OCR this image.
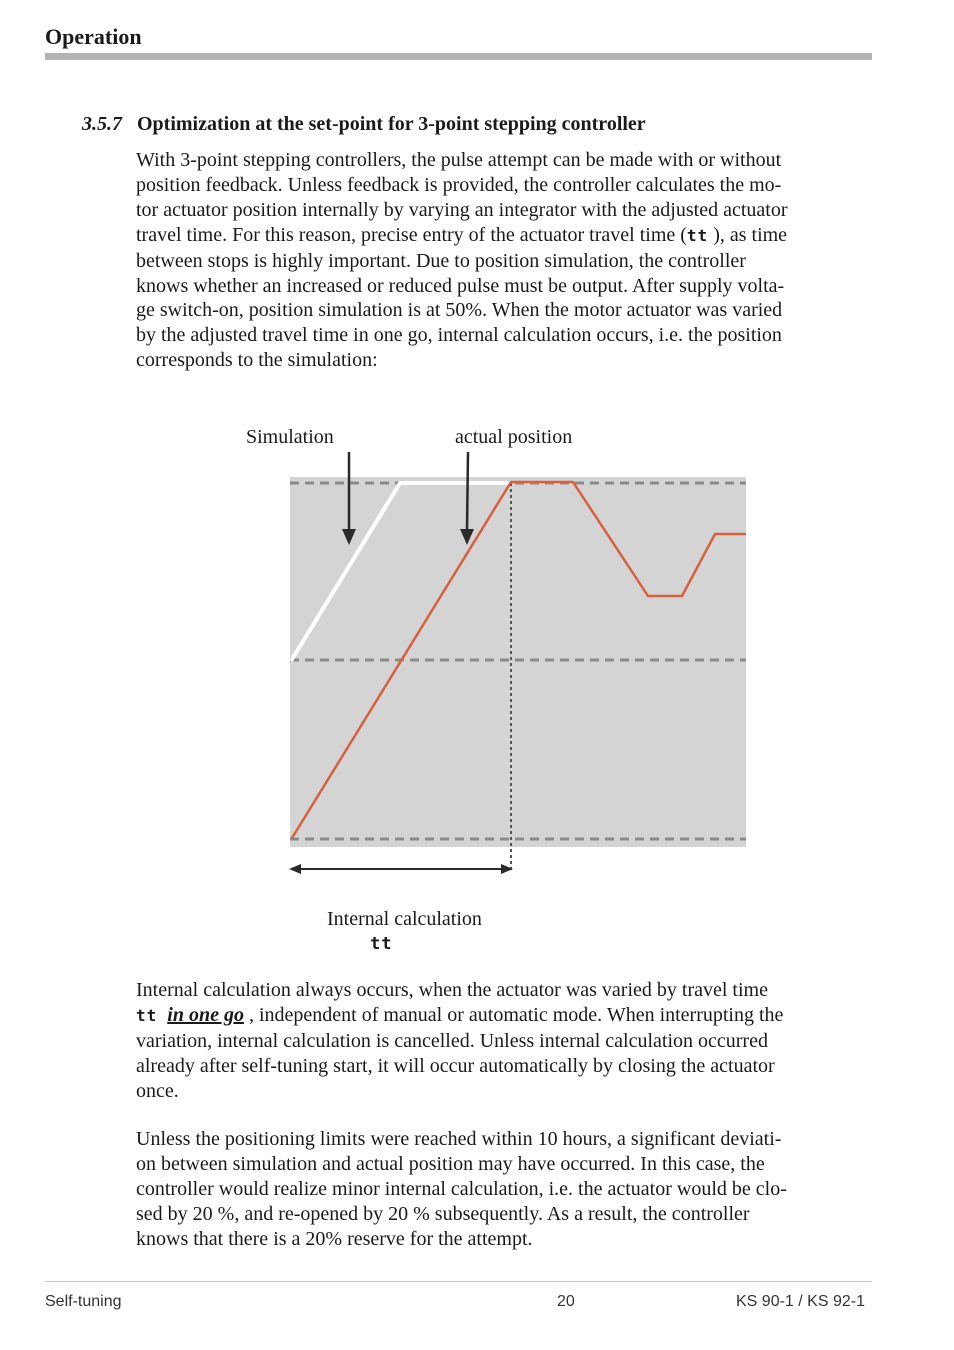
Operation
3.5.7 Optimization at the set-point for 3-point stepping controller
With 3-point stepping controllers, the pulse attempt can be made with or without
position feedback. Unless feedback is provided, the controller calculates the mo-
tor actuator position internally by varying an integrator with the adjusted actuator
travel time. For this reason, precise entry of the actuator travel time (tt ), as time
between stops is highly important. Due to position simulation, the controller
knows whether an increased or reduced pulse must be output. After supply volta-
ge switch-on, position simulation is at 50%. When the motor actuator was varied
by the adjusted travel time in one go, internal calculation occurs, i.e. the position
corresponds to the simulation:
Simulation	actual position
Internal calculation
tt
Internal calculation always occurs, when the actuator was varied by travel time
tt in one go , independent of manual or automatic mode. When interrupting the
variation, internal calculation is cancelled. Unless internal calculation occurred
already after self-tuning start, it will occur automatically by closing the actuator
once.
Unless the positioning limits were reached within 10 hours, a significant deviati-
on between simulation and actual position may have occurred. In this case, the
controller would realize minor internal calculation, i.e. the actuator would be clo-
sed by 20 %, and re-opened by 20 % subsequently. As a result, the controller
knows that there is a 20% reserve for the attempt.
Self-tuning	20	KS 90-1 / KS 92-1
